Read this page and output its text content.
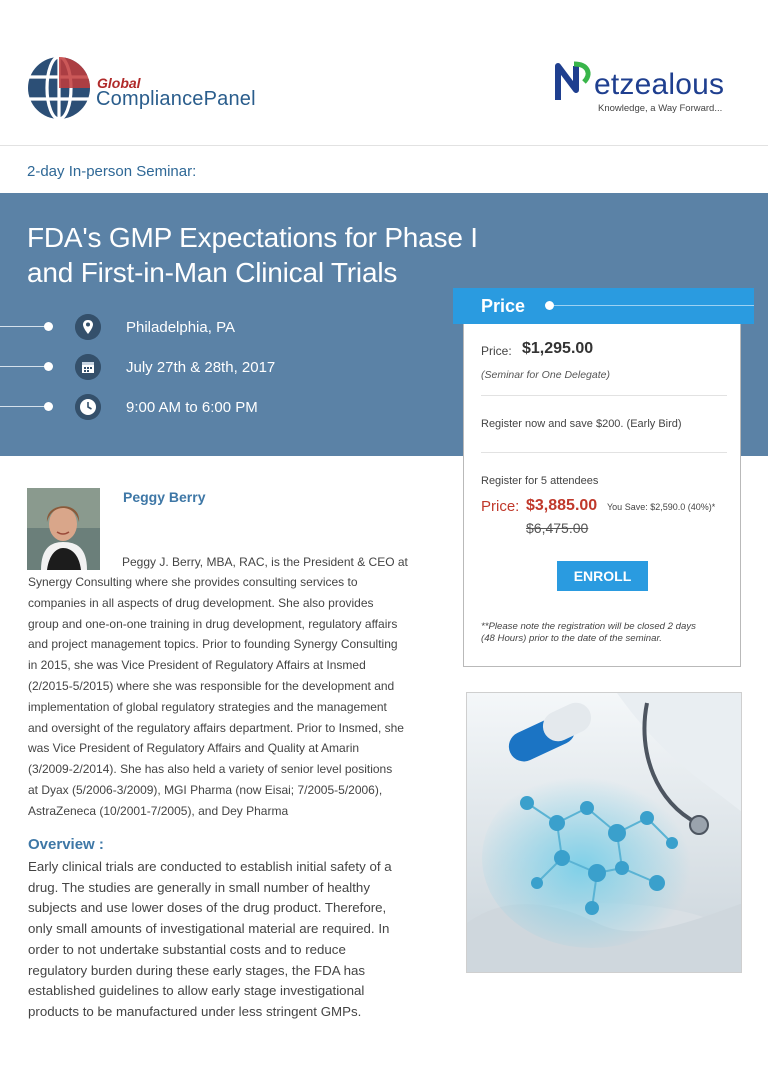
Global
CompliancePanel	etzealous
Knowledge, a Way Forward...
2-day In-person Seminar:
FDA's GMP Expectations for Phase I
and First-in-Man Clinical Trials
Philadelphia, PA
July 27th & 28th, 2017
9:00 AM to 6:00 PM
Price
Price: $1,295.00
(Seminar for One Delegate)
Register now and save $200. (Early Bird)
Register for 5 attendees
Price: $3,885.00 You Save: $2,590.0 (40%)*
$6,475.00
ENROLL
**Please note the registration will be closed 2 days
(48 Hours) prior to the date of the seminar.
Peggy Berry
Peggy J. Berry, MBA, RAC, is the President & CEO at
Synergy Consulting where she provides consulting services to
companies in all aspects of drug development. She also provides
group and one-on-one training in drug development, regulatory affairs
and project management topics. Prior to founding Synergy Consulting
in 2015, she was Vice President of Regulatory Affairs at Insmed
(2/2015-5/2015) where she was responsible for the development and
implementation of global regulatory strategies and the management
and oversight of the regulatory affairs department. Prior to Insmed, she
was Vice President of Regulatory Affairs and Quality at Amarin
(3/2009-2/2014). She has also held a variety of senior level positions
at Dyax (5/2006-3/2009), MGI Pharma (now Eisai; 7/2005-5/2006),
AstraZeneca (10/2001-7/2005), and Dey Pharma
Overview :
Early clinical trials are conducted to establish initial safety of a
drug. The studies are generally in small number of healthy
subjects and use lower doses of the drug product. Therefore,
only small amounts of investigational material are required. In
order to not undertake substantial costs and to reduce
regulatory burden during these early stages, the FDA has
established guidelines to allow early stage investigational
products to be manufactured under less stringent GMPs.
